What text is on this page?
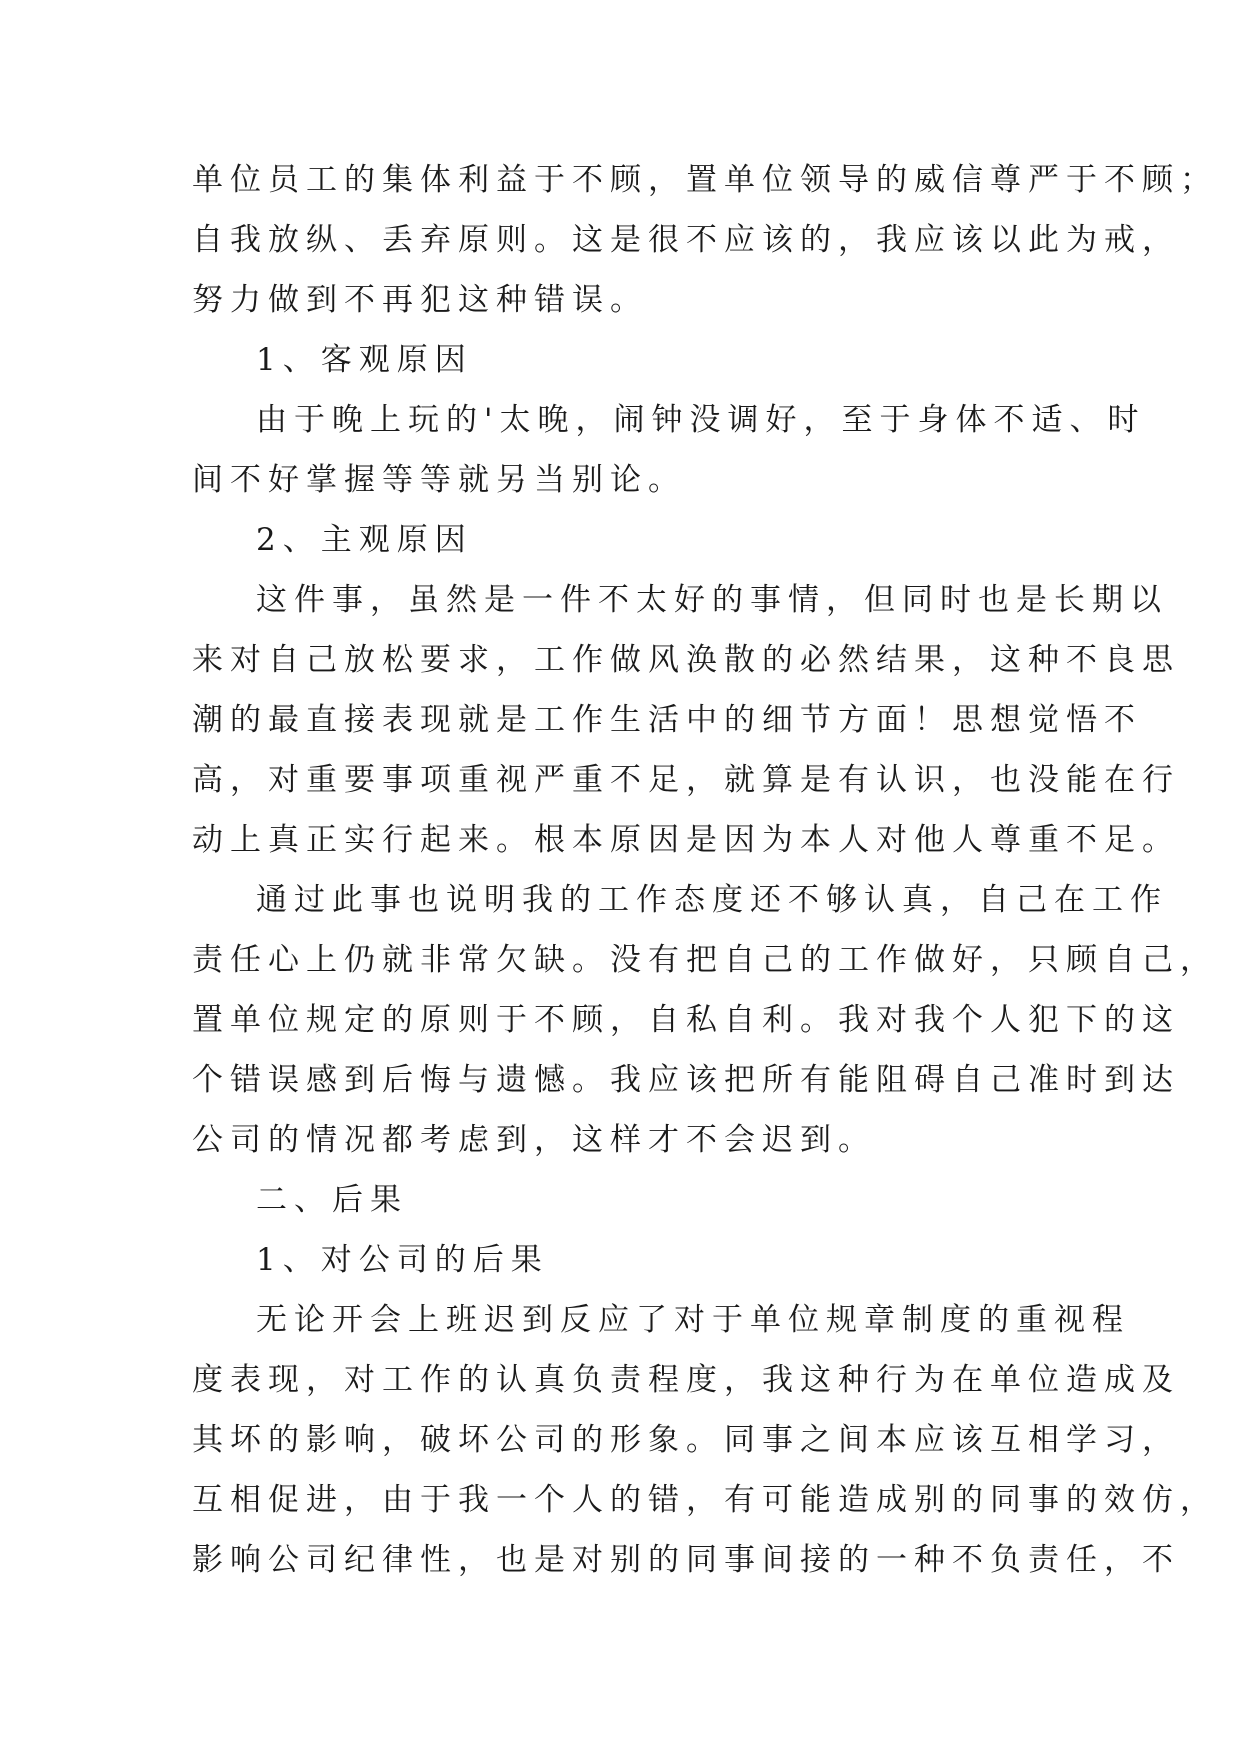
单位员工的集体利益于不顾，置单位领导的威信尊严于不顾；
自我放纵、丢弃原则。这是很不应该的，我应该以此为戒，
努力做到不再犯这种错误。
1、客观原因
由于晚上玩的'太晚，闹钟没调好，至于身体不适、时
间不好掌握等等就另当别论。
2、主观原因
这件事，虽然是一件不太好的事情，但同时也是长期以
来对自己放松要求，工作做风涣散的必然结果，这种不良思
潮的最直接表现就是工作生活中的细节方面！思想觉悟不
高，对重要事项重视严重不足，就算是有认识，也没能在行
动上真正实行起来。根本原因是因为本人对他人尊重不足。
通过此事也说明我的工作态度还不够认真，自己在工作
责任心上仍就非常欠缺。没有把自己的工作做好，只顾自己，
置单位规定的原则于不顾，自私自利。我对我个人犯下的这
个错误感到后悔与遗憾。我应该把所有能阻碍自己准时到达
公司的情况都考虑到，这样才不会迟到。
二、后果
1、对公司的后果
无论开会上班迟到反应了对于单位规章制度的重视程
度表现，对工作的认真负责程度，我这种行为在单位造成及
其坏的影响，破坏公司的形象。同事之间本应该互相学习，
互相促进，由于我一个人的错，有可能造成别的同事的效仿，
影响公司纪律性，也是对别的同事间接的一种不负责任，不
